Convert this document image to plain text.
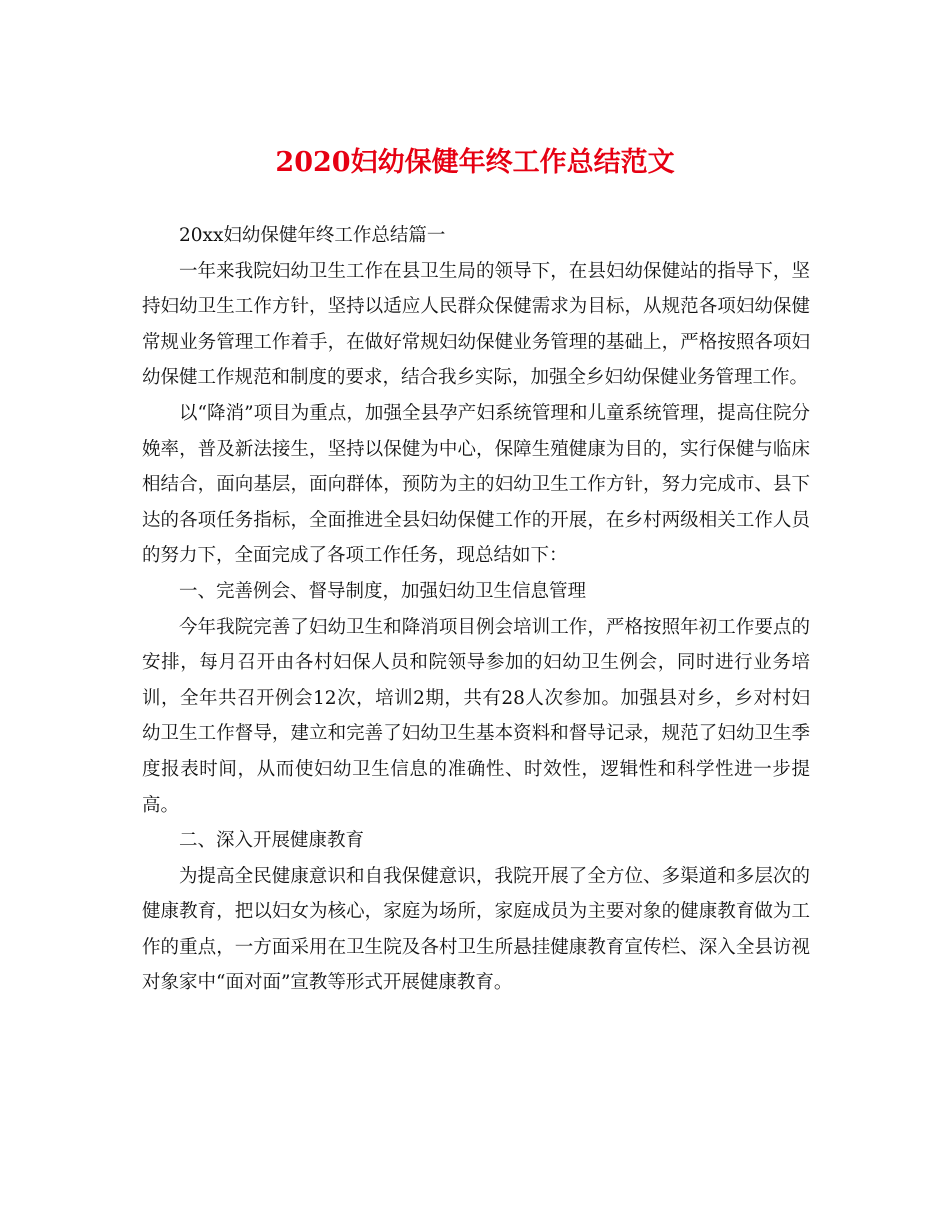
2020妇幼保健年终工作总结范文

20xx妇幼保健年终工作总结篇一

一年来我院妇幼卫生工作在县卫生局的领导下，在县妇幼保健站的指导下，坚持妇幼卫生工作方针，坚持以适应人民群众保健需求为目标，从规范各项妇幼保健常规业务管理工作着手，在做好常规妇幼保健业务管理的基础上，严格按照各项妇幼保健工作规范和制度的要求，结合我乡实际，加强全乡妇幼保健业务管理工作。

以“降消”项目为重点，加强全县孕产妇系统管理和儿童系统管理，提高住院分娩率，普及新法接生，坚持以保健为中心，保障生殖健康为目的，实行保健与临床相结合，面向基层，面向群体，预防为主的妇幼卫生工作方针，努力完成市、县下达的各项任务指标，全面推进全县妇幼保健工作的开展，在乡村两级相关工作人员的努力下，全面完成了各项工作任务，现总结如下：

一、完善例会、督导制度，加强妇幼卫生信息管理

今年我院完善了妇幼卫生和降消项目例会培训工作，严格按照年初工作要点的安排，每月召开由各村妇保人员和院领导参加的妇幼卫生例会，同时进行业务培训，全年共召开例会12次，培训2期，共有28人次参加。加强县对乡，乡对村妇幼卫生工作督导，建立和完善了妇幼卫生基本资料和督导记录，规范了妇幼卫生季度报表时间，从而使妇幼卫生信息的准确性、时效性，逻辑性和科学性进一步提高。

二、深入开展健康教育

为提高全民健康意识和自我保健意识，我院开展了全方位、多渠道和多层次的健康教育，把以妇女为核心，家庭为场所，家庭成员为主要对象的健康教育做为工作的重点，一方面采用在卫生院及各村卫生所悬挂健康教育宣传栏、深入全县访视对象家中“面对面”宣教等形式开展健康教育。
